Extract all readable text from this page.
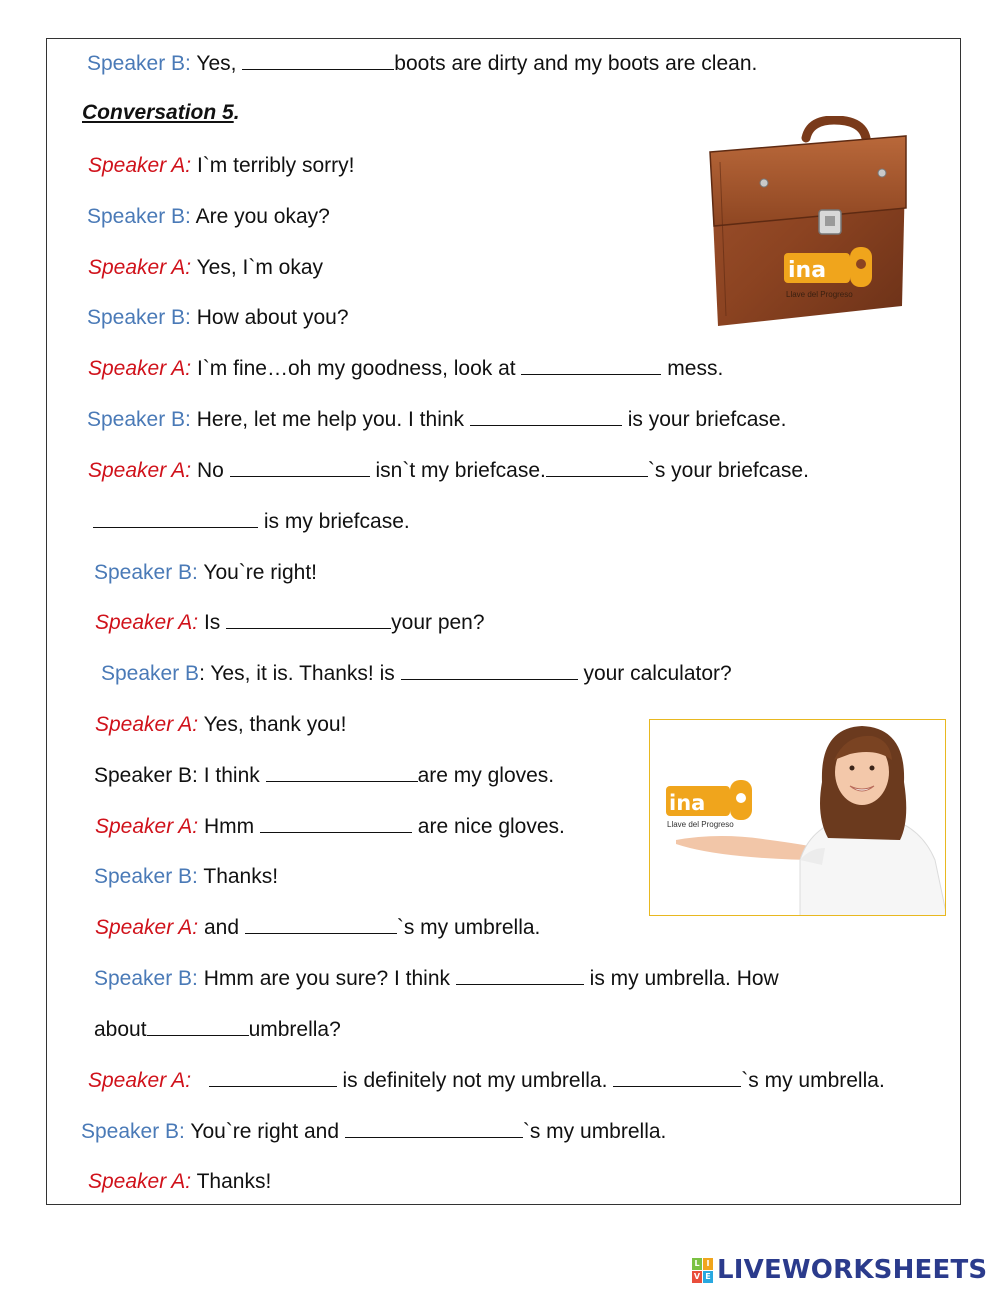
Speaker B: Yes,	boots are dirty and my boots are clean.
Conversation 5.
Speaker A: I`m terribly sorry!
Speaker B: Are you okay?
Speaker A: Yes, I`m okay
Speaker B: How about you?
Speaker A: I`m fine…oh my goodness, look at	mess.
Speaker B: Here, let me help you. I think	is your briefcase.
Speaker A: No	isn`t my briefcase.	`s your briefcase.
is my briefcase.
Speaker B: You`re right!
Speaker A: Is	your pen?
Speaker B: Yes, it is. Thanks! is	your calculator?
Speaker A: Yes, thank you!
Speaker B: I think	are my gloves.
Speaker A: Hmm	are nice gloves.
Speaker B: Thanks!
Speaker A: and	`s my umbrella.
Speaker B: Hmm are you sure? I think	is my umbrella. How
about	umbrella?
Speaker A:	is definitely not my umbrella.	`s my umbrella.
Speaker B: You`re right and	`s my umbrella.
Speaker A: Thanks!
ina
Llave del Progreso
ina
Llave del Progreso
L I
V E LIVEWORKSHEETS
